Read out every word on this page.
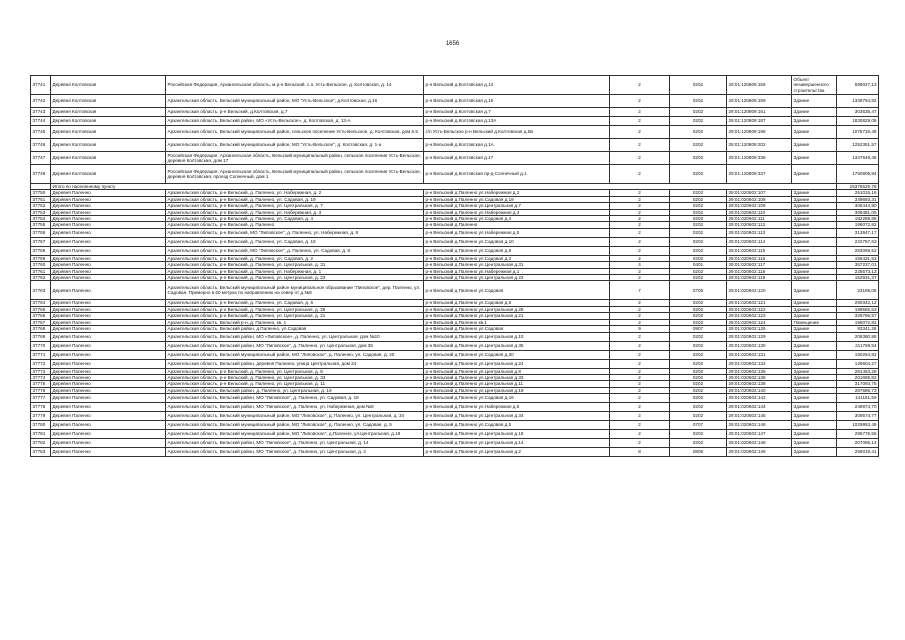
1656
37741	Деревня Колтовская	Российская Федерация, Архангельская область, м.р-н Вельский, с.п. Усть-Вельское, д. Колтовская, д. 14	р-н Вельский д.Колтовская д.14	2	0202	29:01:120809:156	Объект незавершенного строительства	599027,13
37742	Деревня Колтовская	Архангельская область, Вельский муниципальный район, МО "Усть-Вельское", д.Колтовская, д.16	р-н Вельский д.Колтовская д.16	2	0202	29:01:120809:159	Здание	1339754,82
37743	Деревня Колтовская	Архангельская область, р-н Вельский, д.Колтовская, д.7	р-н Вельский д.Колтовская д.7	2	0202	29:01:120809:161	Здание	303635,47
37744	Деревня Колтовская	Архангельская область, Вельский район, МО «Усть-Вельское», д. Колтовская, д. 13-А	р-н Вельский д.Колтовская д.13А	2	0202	29:01:120809:187	Здание	1830829,09
37745	Деревня Колтовская	Архангельская область, Вельский муниципальный район, сельское поселение Усть-Вельское, д. Колтовская, дом 5.5	с/п Усть-Вельское р-н Вельский д.Колтовская д.5Б	2	0202	29:01:120809:196	Здание	1075716,49
37746	Деревня Колтовская	Архангельская область, Вельский муниципальный район, МО "Усть-Вельское", д. Колтовская, д. 1-а	р-н Вельский д.Колтовская д.1А	2	0202	29:01:120809:202	Здание	1252351,57
37747	Деревня Колтовская	Российская Федерация, Архангельская область, Вельский муниципальный район, сельское поселение Усть-Вельское, деревня Колтовская, дом 17	р-н Вельский д.Колтовская д.17	2	0202	29:01:120809:336	Здание	1347649,46
37748	Деревня Колтовская	Российская Федерация, Архангельская область, Вельский муниципальный район, сельское поселение Усть-Вельское, деревня Колтовская, проезд Солнечный, дом 1	р-н Вельский д.Колтовская пр-д Солнечный д.1	2	0202	29:01:120809:337	Здание	1750809,84
	Итого по населенному пункту							15376525,78
37750	Деревня Паленно	Архангельская область, р-н Вельский, д. Паленно, ул. Набережная, д. 2	р-н Вельский д.Паленно ул.Набережная д.2	2	0202	29:01:020602:107	Здание	251015,16
37751	Деревня Паленно	Архангельская область, р-н Вельский, д. Паленно, ул. Садовая, д. 19	р-н Вельский д.Паленно ул.Садовая д.19	2	0202	29:01:020602:108	Здание	349693,31
37752	Деревня Паленно	Архангельская область, р-н Вельский, д. Паленно, ул. Центральная, д. 7	р-н Вельский д.Паленно ул.Центральная д.7	2	0202	29:01:020602:109	Здание	305444,90
37753	Деревня Паленно	Архангельская область, р-н Вельский, д. Паленно, ул. Набережная, д. 3	р-н Вельский д.Паленно ул.Набережная д.3	2	0202	29:01:020602:110	Здание	308481,05
37754	Деревня Паленно	Архангельская область, р-н Вельский, д. Паленно, ул. Садовая, д. 4	р-н Вельский д.Паленно ул.Садовая д.4	2	0202	29:01:020602:111	Здание	182268,88
37755	Деревня Паленно	Архангельская область, р-н Вельский, д. Паленно	р-н Вельский д.Паленно	2	0202	29:01:020602:112	Здание	196072,82
37756	Деревня Паленно	Архангельская область, р-н Вельский, МО "Липовское", д. Паленно, ул. Набережная, д. 5	р-н Вельский д.Паленно ул.Набережная д.5	2	0202	29:01:020602:113	Здание	313947,17
37757	Деревня Паленно	Архангельская область, р-н Вельский, д. Паленно, ул. Садовая, д. 10	р-н Вельский д.Паленно ул.Садовая д.10	2	0202	29:01:020602:114	Здание	222757,63
37758	Деревня Паленно	Архангельская область, р-н Вельский, МО "Липовское", д. Паленно, ул. Садовая, д. 8	р-н Вельский д.Паленно ул.Садовая д.8	2	0202	29:01:020602:115	Здание	283059,52
37759	Деревня Паленно	Архангельская область, р-н Вельский, д. Паленно, ул. Садовая, д. 2	р-н Вельский д.Паленно ул.Садовая д.2	2	0202	29:01:020602:116	Здание	156431,53
37760	Деревня Паленно	Архангельская область, р-н Вельский, д. Паленно, ул. Центральная, д. 31	р-н Вельский д.Паленно ул.Центральная д.31	4	0401	29:01:020602:117	Здание	357237,01
37761	Деревня Паленно	Архангельская область, р-н Вельский, д. Паленно, ул. Набережная, д. 1	р-н Вельский д.Паленно ул.Набережная д.1	2	0202	29:01:020602:118	Здание	225573,13
37762	Деревня Паленно	Архангельская область, р-н Вельский, д. Паленно, ул. Центральная, д. 23	р-н Вельский д.Паленно ул.Центральная д.23	2	0202	29:01:020602:119	Здание	152931,37
37763	Деревня Паленно	Архангельская область, Вельский муниципальный район муниципальное образование "Липовское", дер. Паленно, ул. Садовая. Примерно в 60 метрах по направлению на север от д.№5	р-н Вельский д.Паленно ул.Садовая	7	0705	29:01:020602:120	Здание	23189,06
37764	Деревня Паленно	Архангельская область, р-н Вельский, д. Паленно, ул. Садовая, д. 6	р-н Вельский д.Паленно ул.Садовая д.6	2	0202	29:01:020602:121	Здание	290342,12
37765	Деревня Паленно	Архангельская область, р-н Вельский, д. Паленно, ул. Центральная, д. 28	р-н Вельский д.Паленно ул.Центральная д.28	2	0202	29:01:020602:122	Здание	198565,53
37766	Деревня Паленно	Архангельская область, р-н Вельский, д. Паленно, ул. Центральная, д. 21	р-н Вельский д.Паленно ул.Центральная д.21	2	0202	29:01:020602:123	Здание	328796,57
37767	Деревня Паленно	Архангельская область, Вельский р-н, д. Паленно, кв. 1	р-н Вельский д.Паленно кв.1	2	0202	29:01:020602:124	Помещение	196072,82
37768	Деревня Паленно	Архангельская область, Вельский район, д.Паленно, ул.Садовая	р-н Вельский д.Паленно ул.Садовая	9	0907	29:01:020602:126	Здание	83341,26
37769	Деревня Паленно	Архангельская область, Вельский район, МО «Липовское», д. Паленно, ул. Центральная, дом №10	р-н Вельский д.Паленно ул.Центральная д.10	2	0202	29:01:020602:129	Здание	208380,88
37770	Деревня Паленно	Архангельская область, Вельский район, МО "Липовское", д. Паленно, ул. Центральная, дом 35	р-н Вельский д.Паленно ул.Центральная д.35	2	0202	29:01:020602:130	Здание	211769,54
37771	Деревня Паленно	Архангельская область, Вельский муниципальный район, МО "Липовское", д. Паленно, ул. Садовая, д. 20	р-н Вельский д.Паленно ул.Садовая д.20	2	0202	29:01:020602:131	Здание	150254,82
37772	Деревня Паленно	Архангельская область, Вельский район, деревня Паленно, улица Центральная, дом 24	р-н Вельский д.Паленно ул.Центральная д.24	2	0202	29:01:020602:132	Здание	128604,27
37773	Деревня Паленно	Архангельская область, р-н Вельский, д. Паленно, ул. Центральная, д. 8	р-н Вельский д.Паленно ул.Центральная д.8	2	0202	29:01:020602:135	Здание	281453,28
37774	Деревня Паленно	Архангельская область, р-н Вельский, д. Паленно, ул. Центральная, д. 33	р-н Вельский д.Паленно ул.Центральная д.33	2	0202	29:01:020602:136	Здание	201685,82
37775	Деревня Паленно	Архангельская область, р-н Вельский, д. Паленно, ул. Центральная, д. 11	р-н Вельский д.Паленно ул.Центральная д.11	2	0202	29:01:020602:138	Здание	317093,75
37776	Деревня Паленно	Архангельская область, Вельский район, д. Паленно, ул. Центральная, д. 19	р-н Вельский д.Паленно ул.Центральная д.19	2	0202	29:01:020602:140	Здание	287686,73
37777	Деревня Паленно	Архангельская область, Вельский район, МО "Липовское", д. Паленно, ул. Садовая, д. 16	р-н Вельский д.Паленно ул.Садовая д.16	2	0202	29:01:020602:142	Здание	141161,59
37778	Деревня Паленно	Архангельская область, Вельский район, МО "Липовское", д. Паленно, ул. Набережная, дом №8	р-н Вельский д.Паленно ул.Набережная д.8	2	0202	29:01:020602:144	Здание	249874,70
37779	Деревня Паленно	Архангельская область, Вельский муниципальный район, МО "Липовское", д. Паленно, ул. Центральная, д. 34	р-н Вельский д.Паленно ул.Центральная д.34	2	0202	29:01:020602:145	Здание	309574,77
37780	Деревня Паленно	Архангельская область, Вельский муниципальный район, МО "Липовское", д. Паленно, ул. Садовая, д. 5	р-н Вельский д.Паленно ул.Садовая д.5	2	0707	29:01:020602:146	Здание	1029953,49
37781	Деревня Паленно	Архангельская область, Вельский муниципальный район, МО "Липовское", д.Паленно, ул.Центральная, д.18	р-н Вельский д.Паленно ул.Центральная д.18	2	0202	29:01:020602:147	Здание	295776,56
37782	Деревня Паленно	Архангельская область, Вельский район, МО "Липовское", д. Паленно, ул. Центральная, д. 14	р-н Вельский д.Паленно ул.Центральная д.14	2	0202	29:01:020602:148	Здание	207085,14
37783	Деревня Паленно	Архангельская область, Вельский район, МО "Липовское", д. Паленно, ул. Центральная, д. 2	р-н Вельский д.Паленно ул.Центральная д.2	8	0805	29:01:020602:149	Здание	256019,41
